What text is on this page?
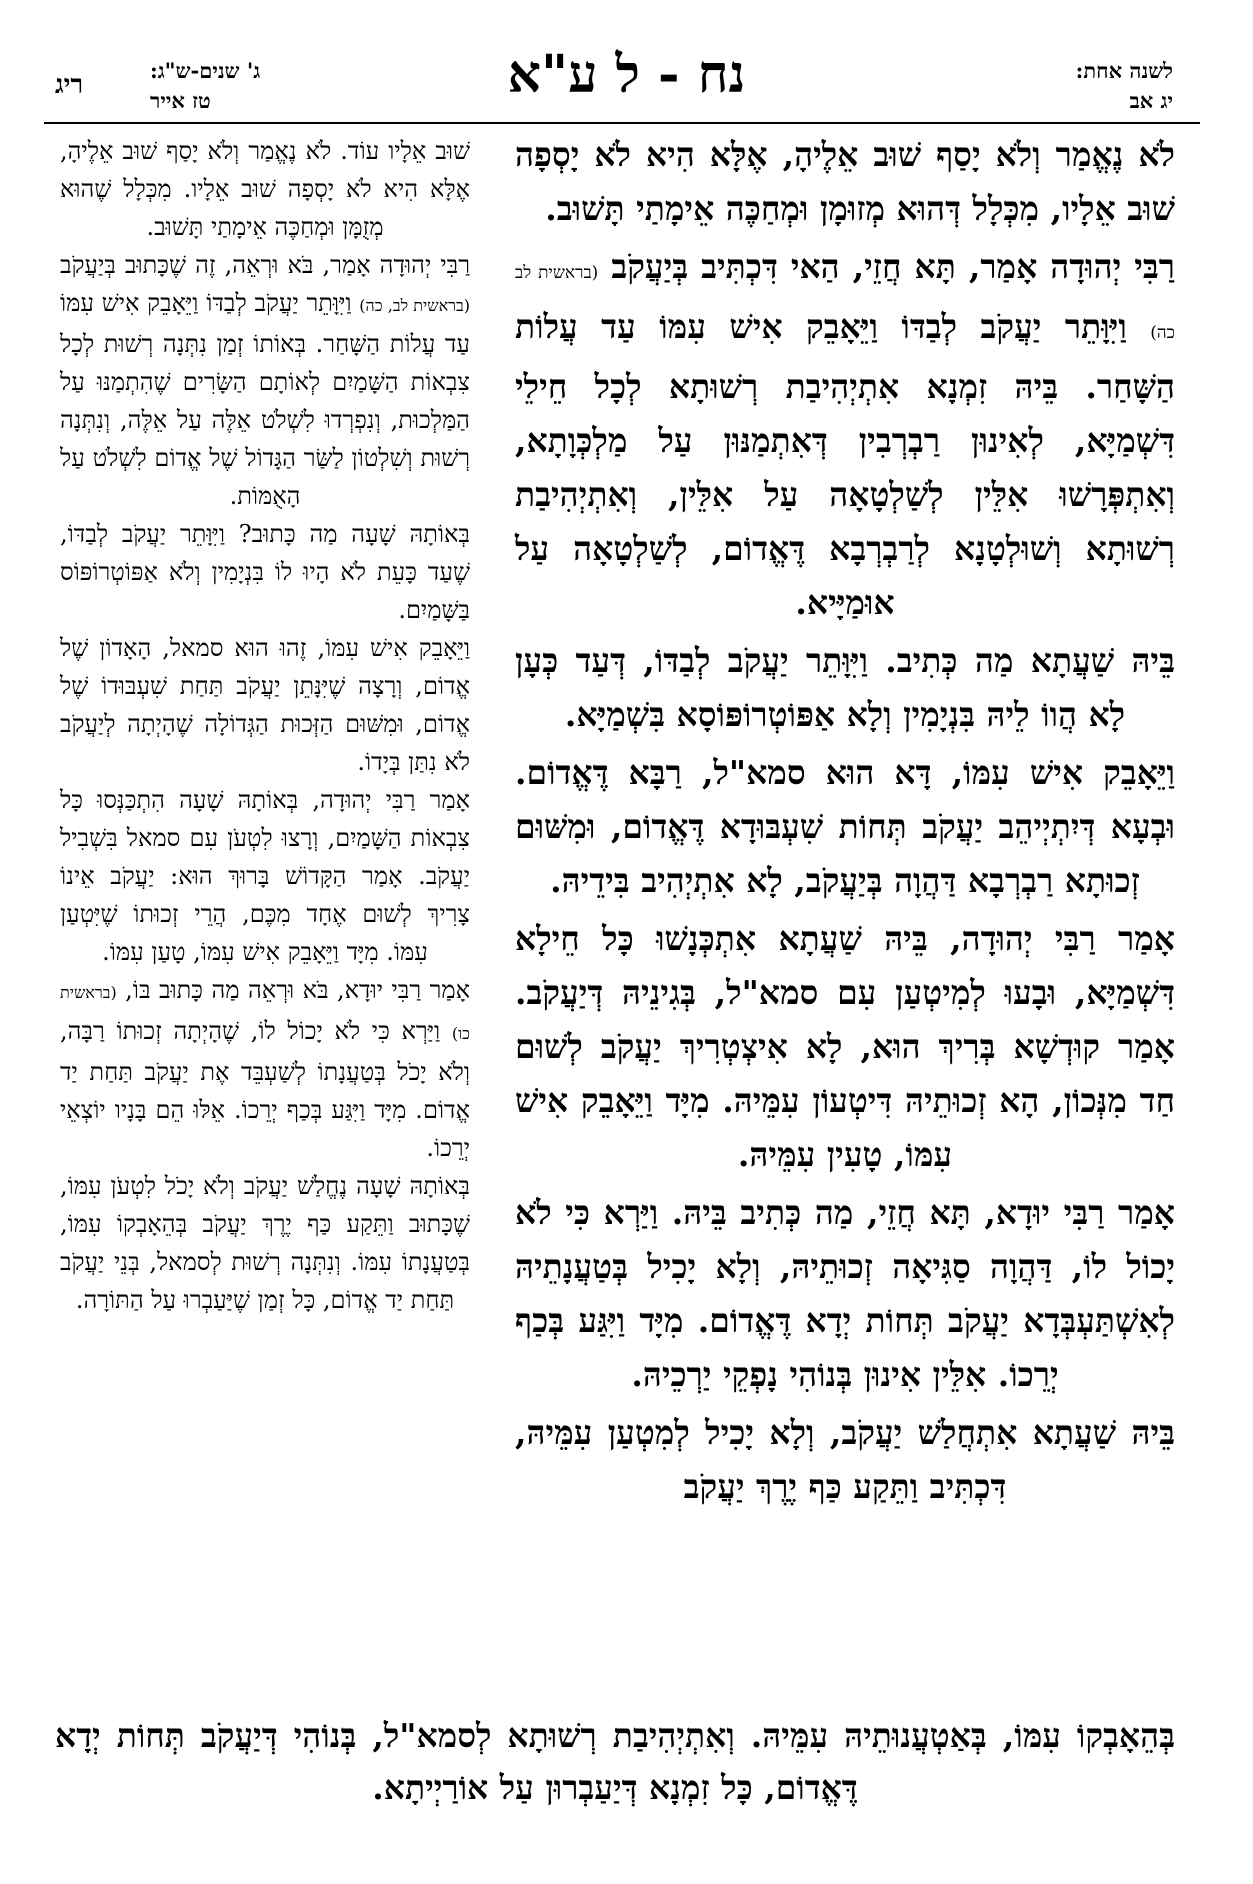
לשנה אחת:
יג אב
נח - ל ע"א
ג' שנים-ש"ג:
טז אייר
ריג

לֹא נֶאֱמַר וְלֹא יָסַף שׁוּב אֵלֶיהָ, אֶלָּא הִיא לֹא יָסְפָה שׁוּב אֵלָיו, מִכְּלָל דְּהוּא מְזוּמָן וּמְחַכֶּה אֵימָתַי תָּשׁוּב.

רַבִּי יְהוּדָה אָמַר, תָּא חֲזֵי, הַאי דִּכְתִּיב בְּיַעֲקֹב (בראשית לב כה) וַיִּוָּתֵר יַעֲקֹב לְבַדּוֹ וַיֵּאָבֵק אִישׁ עִמּוֹ עַד עֲלוֹת הַשָּׁחַר. בֵּיהּ זִמְנָא אִתְיְהִיבַת רְשׁוּתָא לְכָל חֵילֵי דִּשְׁמַיָּא, לְאִינוּן רַבְרְבִין דְּאִתְמַנּוּן עַל מַלְכְּוָתָא, וְאִתְפְּרָשׁוּ אִלֵּין לְשַׁלְטָאָה עַל אִלֵּין, וְאִתְיְהִיבַת רְשׁוּתָא וְשׁוּלְטָנָא לְרַבְרְבָא דֶּאֱדוֹם, לְשַׁלְטָאָה עַל אוּמַיָּיא.

בֵּיהּ שַׁעֲתָא מַה כְּתִיב. וַיִּוָּתֵר יַעֲקֹב לְבַדּוֹ, דְּעַד כְּעָן לָא הֲווֹ לֵיהּ בִּנְיָמִין וְלָא אַפּוֹטְרוֹפּוֹסָא בִּשְׁמַיָּא.

וַיֵּאָבֵק אִישׁ עִמּוֹ, דָּא הוּא סמא"ל, רַבָּא דֶּאֱדוֹם. וּבְעָא דְּיִתְיְיהֵב יַעֲקֹב תְּחוֹת שִׁעְבּוּדָא דֶּאֱדוֹם, וּמִשּׁוּם זְכוּתָא רַבְרְבָא דַּהֲוָה בְּיַעֲקֹב, לָא אִתְיְהִיב בִּידֵיהּ.

אָמַר רַבִּי יְהוּדָה, בֵּיהּ שַׁעֲתָא אִתְכְּנָשׁוּ כָּל חֵילָא דִּשְׁמַיָּא, וּבָעוּ לְמִיטְעַן עִם סמא"ל, בְּגִינֵיהּ דְּיַעֲקֹב. אָמַר קוּדְשָׁא בְּרִיךְ הוּא, לָא אִיצְטְרִיךְ יַעֲקֹב לְשׁוּם חַד מִנְּכוֹן, הָא זְכוּתֵיהּ דִּיטְעוֹן עִמֵּיהּ. מִיָּד וַיֵּאָבֵק אִישׁ עִמּוֹ, טָעִין עִמֵּיהּ.

אָמַר רַבִּי יוּדָא, תָּא חֲזֵי, מַה כְּתִיב בֵּיהּ. וַיַּרְא כִּי לֹא יָכוֹל לוֹ, דַּהֲוָה סַגִּיאָה זְכוּתֵיהּ, וְלָא יָכִיל בְּטַעֲנָתֵיהּ לְאִשְׁתַּעְבְּדָא יַעֲקֹב תְּחוֹת יְדָא דֶּאֱדוֹם. מִיָּד וַיִּגַּע בְּכַף יְרֵכוֹ. אִלֵּין אִינוּן בְּנוֹהִי נָפְקֵי יַרְכֵיהּ.

בֵּיהּ שַׁעֲתָא אִתְחֲלַשׁ יַעֲקֹב, וְלָא יָכִיל לְמִטְעַן עִמֵּיהּ, דִּכְתִּיב וַתֵּקַע כַּף יֶרֶךְ יַעֲקֹב

שׁוּב אֵלָיו עוֹד. לֹא נֶאֱמַר וְלֹא יָסַף שׁוּב אֵלֶיהָ, אֶלָּא הִיא לֹא יָסְפָה שׁוּב אֵלָיו. מִכְּלָל שֶׁהוּא מְזֻמָּן וּמְחַכֶּה אֵימָתַי תָּשׁוּב.

רַבִּי יְהוּדָה אָמַר, בֹּא וּרְאֵה, זֶה שֶׁכָּתוּב בְּיַעֲקֹב (בראשית לב, כה) וַיִּוָּתֵר יַעֲקֹב לְבַדּוֹ וַיֵּאָבֵק אִישׁ עִמּוֹ עַד עֲלוֹת הַשָּׁחַר. בְּאוֹתוֹ זְמַן נִתְּנָה רְשׁוּת לְכָל צִבְאוֹת הַשָּׁמַיִם לְאוֹתָם הַשָּׂרִים שֶׁהִתְמַנּוּ עַל הַמַּלְכוּת, וְנִפְרְדוּ לִשְׁלֹט אֵלֶּה עַל אֵלֶּה, וְנִתְּנָה רְשׁוּת וְשִׁלְטוֹן לַשַּׂר הַגָּדוֹל שֶׁל אֱדוֹם לִשְׁלֹט עַל הָאֻמּוֹת.

בְּאוֹתָהּ שָׁעָה מַה כָּתוּב? וַיִּוָּתֵר יַעֲקֹב לְבַדּוֹ, שֶׁעַד כָּעֵת לֹא הָיוּ לוֹ בִּנְיָמִין וְלֹא אַפּוֹטְרוֹפּוֹס בַּשָּׁמַיִם.

וַיֵּאָבֵק אִישׁ עִמּוֹ, זֶהוּ הוּא סמאל, הָאָדוֹן שֶׁל אֱדוֹם, וְרָצָה שֶׁיִּנָּתֵן יַעֲקֹב תַּחַת שִׁעְבּוּדוֹ שֶׁל אֱדוֹם, וּמִשּׁוּם הַזְּכוּת הַגְּדוֹלָה שֶׁהָיְתָה לְיַעֲקֹב לֹא נִתַּן בְּיָדוֹ.

אָמַר רַבִּי יְהוּדָה, בְּאוֹתָהּ שָׁעָה הִתְכַּנְּסוּ כָּל צִבְאוֹת הַשָּׁמַיִם, וְרָצוּ לִטְעֹן עִם סמאל בִּשְׁבִיל יַעֲקֹב. אָמַר הַקָּדוֹשׁ בָּרוּךְ הוּא: יַעֲקֹב אֵינוֹ צָרִיךְ לְשׁוּם אֶחָד מִכֶּם, הֲרֵי זְכוּתוֹ שֶׁיִּטְעַן עִמּוֹ. מִיָּד וַיֵּאָבֵק אִישׁ עִמּוֹ, טָעַן עִמּוֹ.

אָמַר רַבִּי יוּדָא, בֹּא וּרְאֵה מַה כָּתוּב בּוֹ, (בראשית כו) וַיַּרְא כִּי לֹא יָכוֹל לוֹ, שֶׁהָיְתָה זְכוּתוֹ רַבָּה, וְלֹא יָכֹל בְּטַעֲנָתוֹ לְשַׁעְבֵּד אֶת יַעֲקֹב תַּחַת יַד אֱדוֹם. מִיָּד וַיִּגַּע בְּכַף יְרֵכוֹ. אֵלּוּ הֵם בָּנָיו יוֹצְאֵי יְרֵכוֹ.

בְּאוֹתָהּ שָׁעָה נֶחֱלַשׁ יַעֲקֹב וְלֹא יָכֹל לִטְעֹן עִמּוֹ, שֶׁכָּתוּב וַתֵּקַע כַּף יֶרֶךְ יַעֲקֹב בְּהֵאָבְקוֹ עִמּוֹ, בְּטַעֲנָתוֹ עִמּוֹ. וְנִתְּנָה רְשׁוּת לְסמאל, בְּנֵי יַעֲקֹב תַּחַת יַד אֱדוֹם, כָּל זְמַן שֶׁיַּעַבְרוּ עַל הַתּוֹרָה.

בְּהֵאָבְקוֹ עִמּוֹ, בְּאַטְעֲנוּתֵיהּ עִמֵּיהּ. וְאִתְיְהִיבַת רְשׁוּתָא לְסמא"ל, בְּנוֹהִי דְּיַעֲקֹב תְּחוֹת יְדָא דֶּאֱדוֹם, כָּל זִמְנָא דְּיַעַבְרוּן עַל אוֹרַיְיתָא.
